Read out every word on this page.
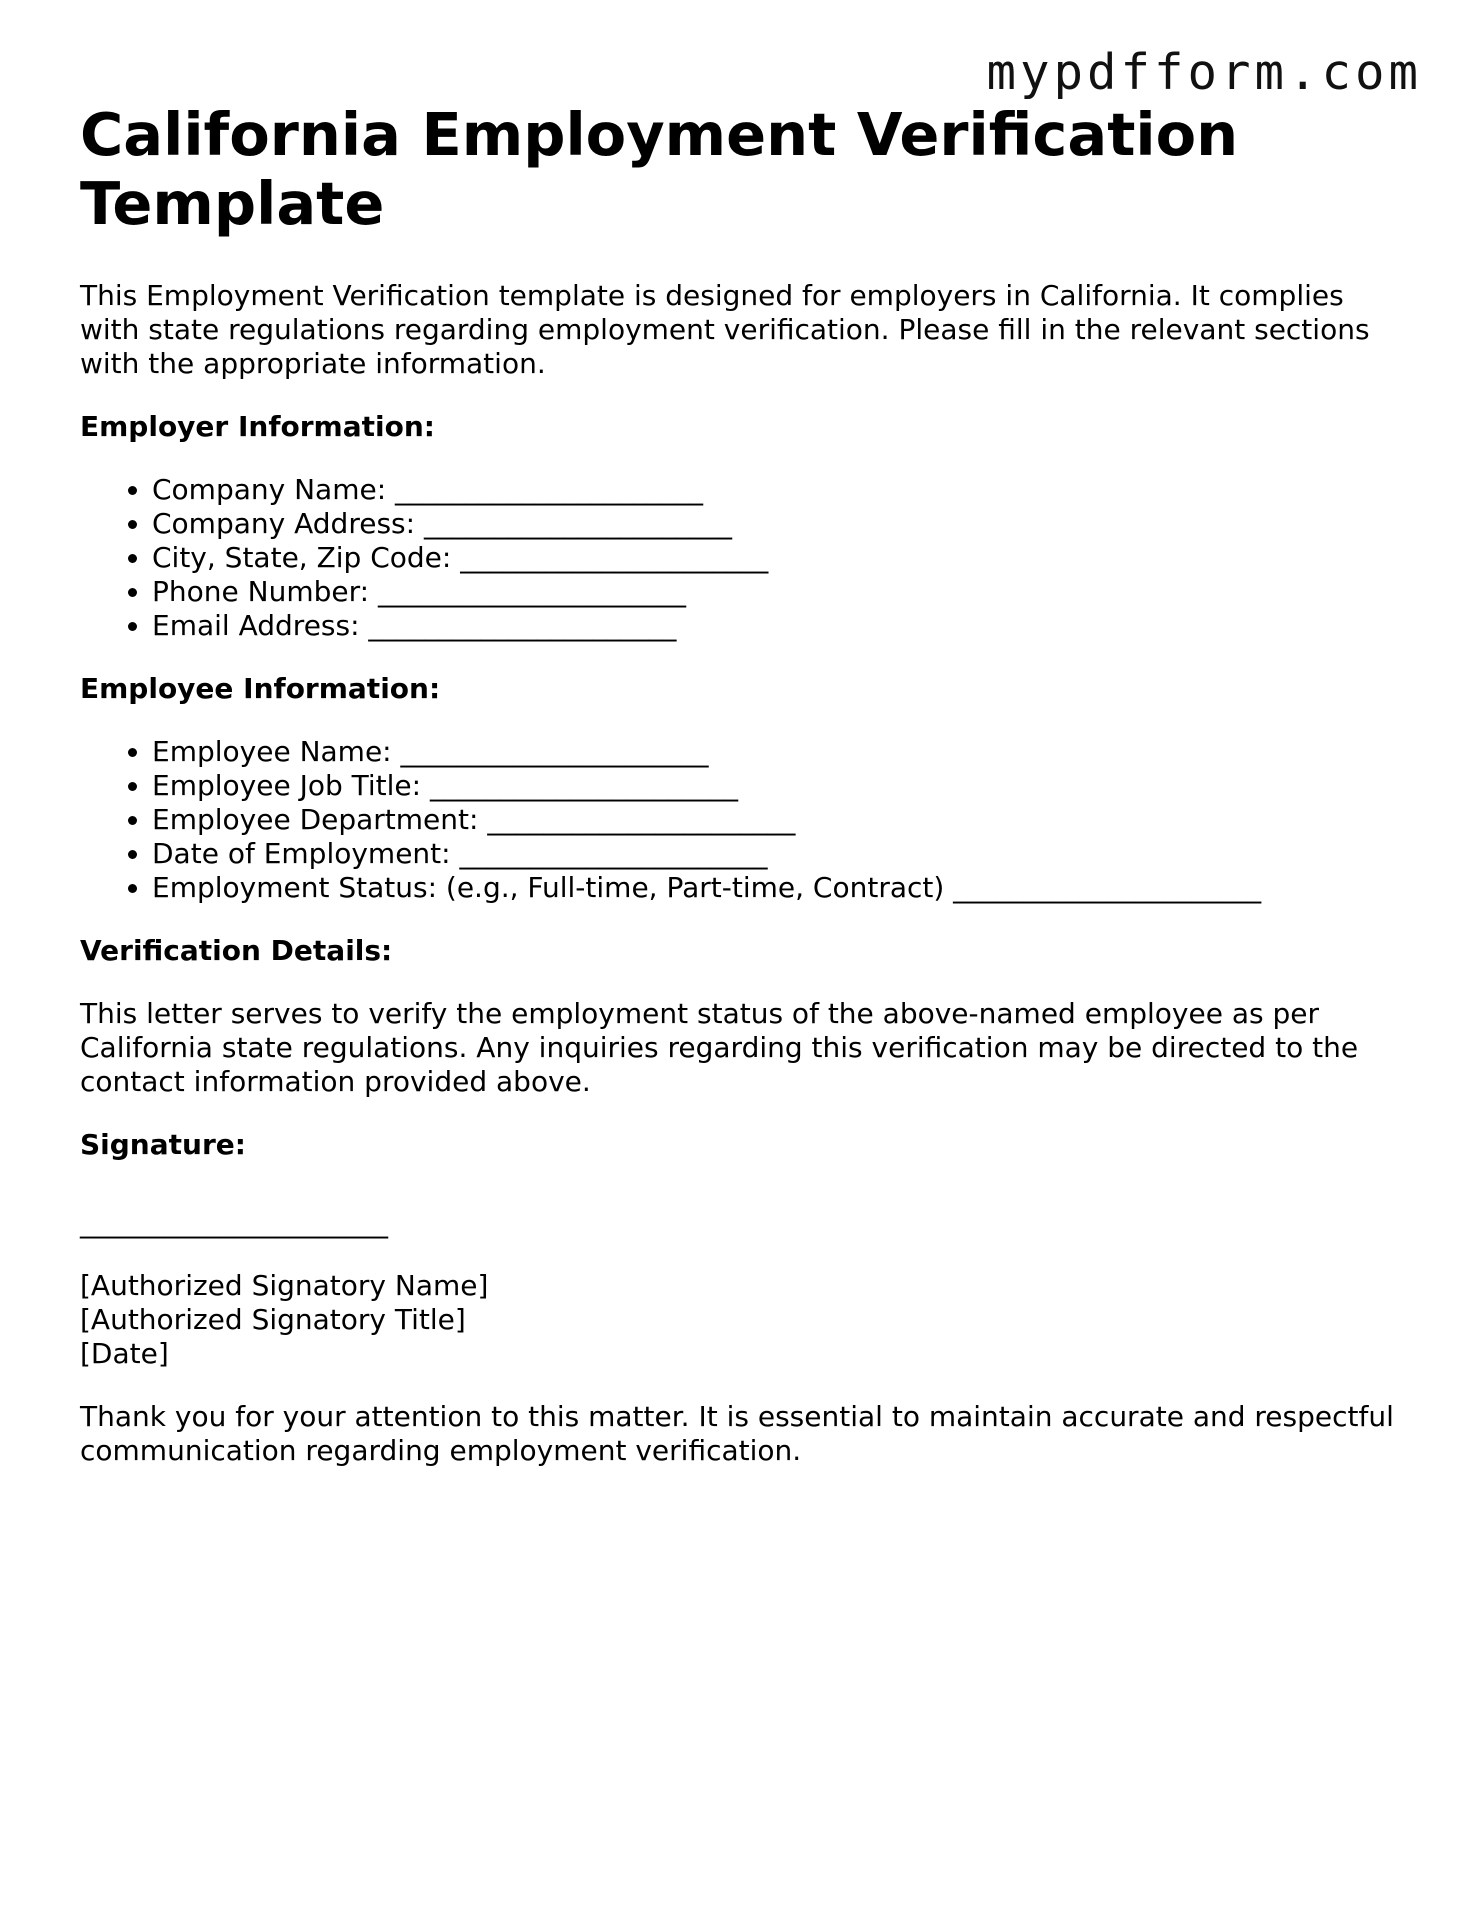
mypdfform.com
California Employment Verification Template

This Employment Verification template is designed for employers in California. It complies with state regulations regarding employment verification. Please fill in the relevant sections with the appropriate information.

Employer Information:
• Company Name: ______________________
• Company Address: ______________________
• City, State, Zip Code: ______________________
• Phone Number: ______________________
• Email Address: ______________________
Employee Information:
• Employee Name: ______________________
• Employee Job Title: ______________________
• Employee Department: ______________________
• Date of Employment: ______________________
• Employment Status: (e.g., Full-time, Part-time, Contract) ______________________
Verification Details:

This letter serves to verify the employment status of the above-named employee as per California state regulations. Any inquiries regarding this verification may be directed to the contact information provided above.

Signature:
______________________
[Authorized Signatory Name]
[Authorized Signatory Title]
[Date]

Thank you for your attention to this matter. It is essential to maintain accurate and respectful communication regarding employment verification.
